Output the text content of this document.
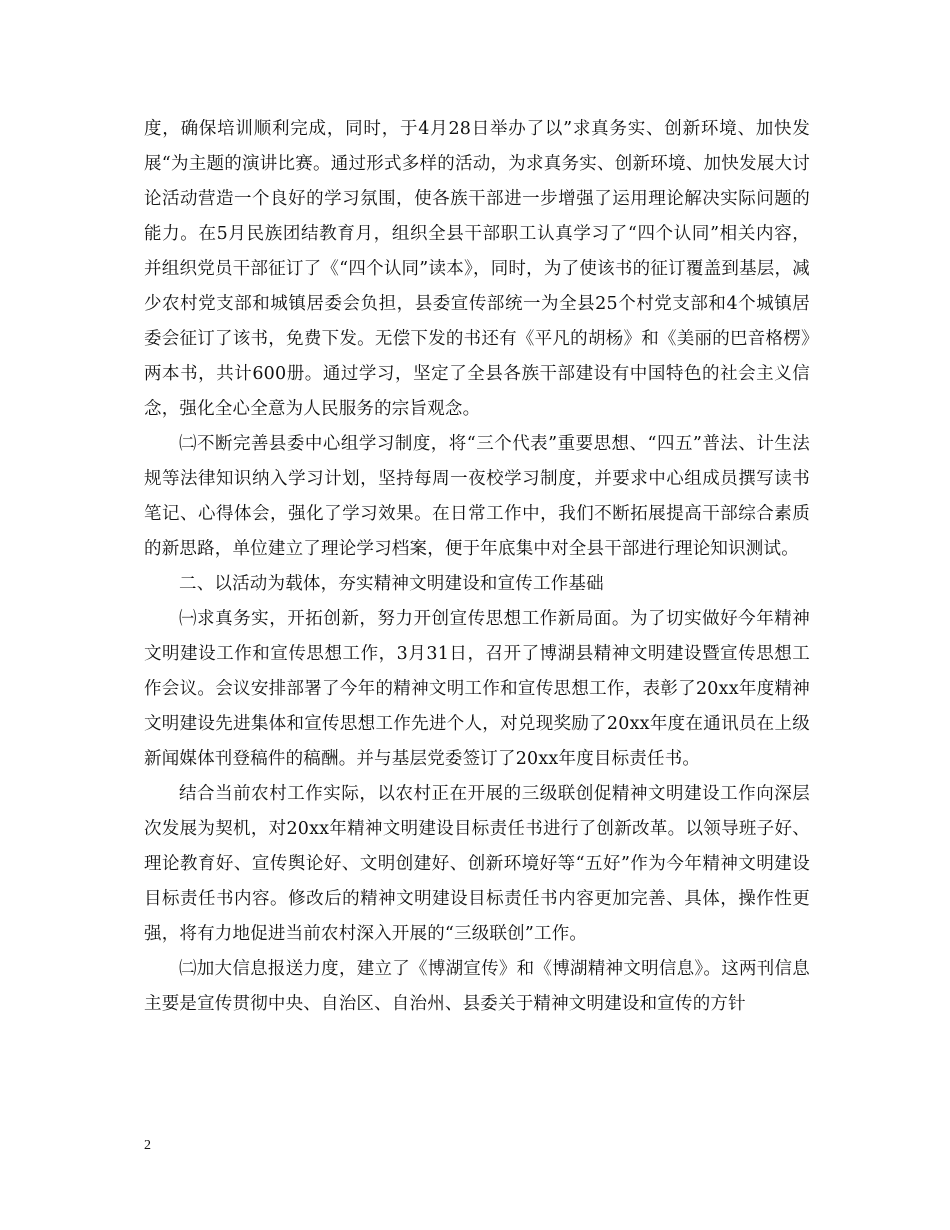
度，确保培训顺利完成，同时，于4月28日举办了以”求真务实、创新环境、加快发展“为主题的演讲比赛。通过形式多样的活动，为求真务实、创新环境、加快发展大讨论活动营造一个良好的学习氛围，使各族干部进一步增强了运用理论解决实际问题的能力。在5月民族团结教育月，组织全县干部职工认真学习了“四个认同”相关内容，并组织党员干部征订了《“四个认同”读本》，同时，为了使该书的征订覆盖到基层，减少农村党支部和城镇居委会负担，县委宣传部统一为全县25个村党支部和4个城镇居委会征订了该书，免费下发。无偿下发的书还有《平凡的胡杨》和《美丽的巴音格楞》两本书，共计600册。通过学习，坚定了全县各族干部建设有中国特色的社会主义信念，强化全心全意为人民服务的宗旨观念。

㈡不断完善县委中心组学习制度，将“三个代表”重要思想、“四五”普法、计生法规等法律知识纳入学习计划，坚持每周一夜校学习制度，并要求中心组成员撰写读书笔记、心得体会，强化了学习效果。在日常工作中，我们不断拓展提高干部综合素质的新思路，单位建立了理论学习档案，便于年底集中对全县干部进行理论知识测试。

二、以活动为载体，夯实精神文明建设和宣传工作基础

㈠求真务实，开拓创新，努力开创宣传思想工作新局面。为了切实做好今年精神文明建设工作和宣传思想工作，3月31日，召开了博湖县精神文明建设暨宣传思想工作会议。会议安排部署了今年的精神文明工作和宣传思想工作，表彰了20xx年度精神文明建设先进集体和宣传思想工作先进个人，对兑现奖励了20xx年度在通讯员在上级新闻媒体刊登稿件的稿酬。并与基层党委签订了20xx年度目标责任书。

结合当前农村工作实际，以农村正在开展的三级联创促精神文明建设工作向深层次发展为契机，对20xx年精神文明建设目标责任书进行了创新改革。以领导班子好、理论教育好、宣传舆论好、文明创建好、创新环境好等“五好”作为今年精神文明建设目标责任书内容。修改后的精神文明建设目标责任书内容更加完善、具体，操作性更强，将有力地促进当前农村深入开展的“三级联创”工作。

㈡加大信息报送力度，建立了《博湖宣传》和《博湖精神文明信息》。这两刊信息主要是宣传贯彻中央、自治区、自治州、县委关于精神文明建设和宣传的方针

2
